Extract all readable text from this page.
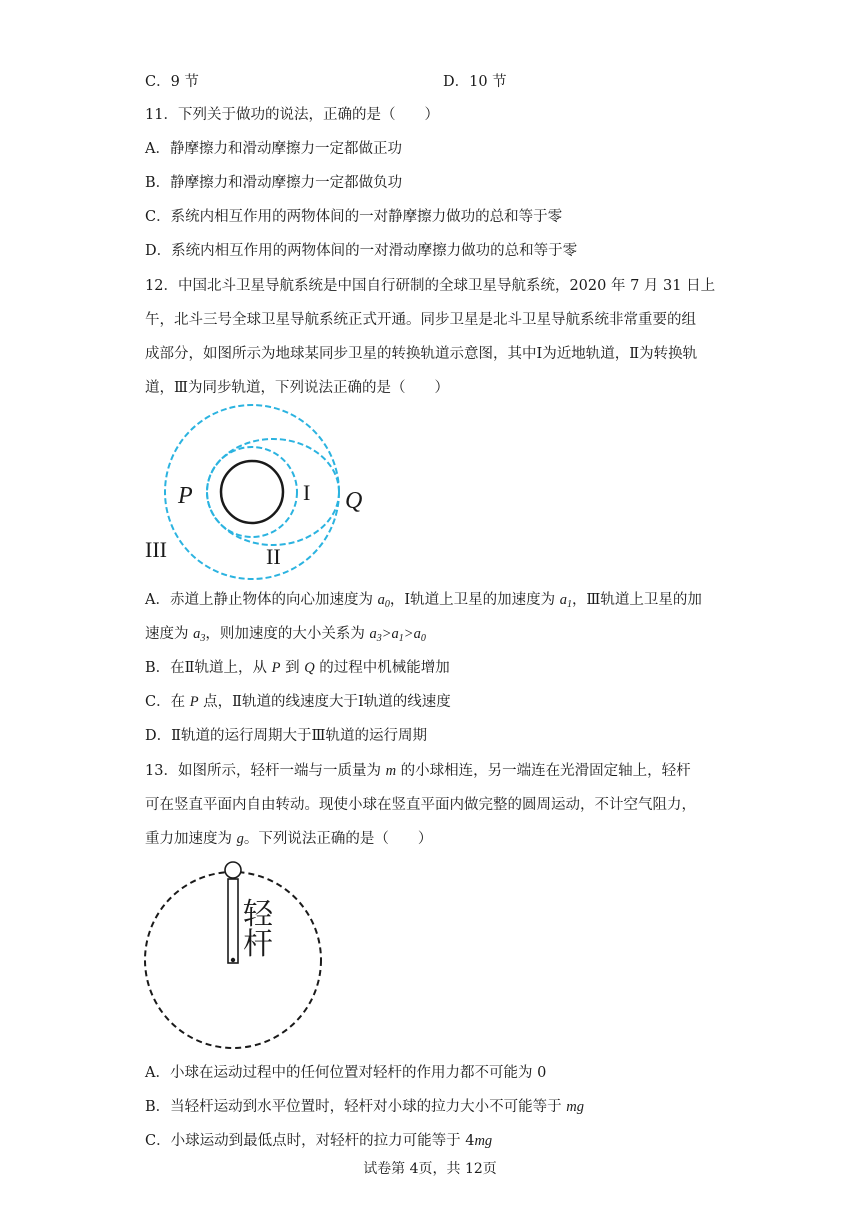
C．9 节	D．10 节
11．下列关于做功的说法，正确的是（　　）
A．静摩擦力和滑动摩擦力一定都做正功
B．静摩擦力和滑动摩擦力一定都做负功
C．系统内相互作用的两物体间的一对静摩擦力做功的总和等于零
D．系统内相互作用的两物体间的一对滑动摩擦力做功的总和等于零
12．中国北斗卫星导航系统是中国自行研制的全球卫星导航系统，2020 年 7 月 31 日上
午，北斗三号全球卫星导航系统正式开通。同步卫星是北斗卫星导航系统非常重要的组
成部分，如图所示为地球某同步卫星的转换轨道示意图，其中Ⅰ为近地轨道，Ⅱ为转换轨
道，Ⅲ为同步轨道，下列说法正确的是（　　）
P	Q
I
II
III
A．赤道上静止物体的向心加速度为 $a_0$，Ⅰ轨道上卫星的加速度为 $a_1$，Ⅲ轨道上卫星的加
速度为 $a_3$，则加速度的大小关系为 $a_3>a_1>a_0$
B．在Ⅱ轨道上，从 P 到 Q 的过程中机械能增加
C．在 P 点，Ⅱ轨道的线速度大于Ⅰ轨道的线速度
D．Ⅱ轨道的运行周期大于Ⅲ轨道的运行周期
13．如图所示，轻杆一端与一质量为 m 的小球相连，另一端连在光滑固定轴上，轻杆
可在竖直平面内自由转动。现使小球在竖直平面内做完整的圆周运动，不计空气阻力，
重力加速度为 g。下列说法正确的是（　　）
轻
杆
A．小球在运动过程中的任何位置对轻杆的作用力都不可能为 0
B．当轻杆运动到水平位置时，轻杆对小球的拉力大小不可能等于 mg
C．小球运动到最低点时，对轻杆的拉力可能等于 4mg
试卷第 4页，共 12页
